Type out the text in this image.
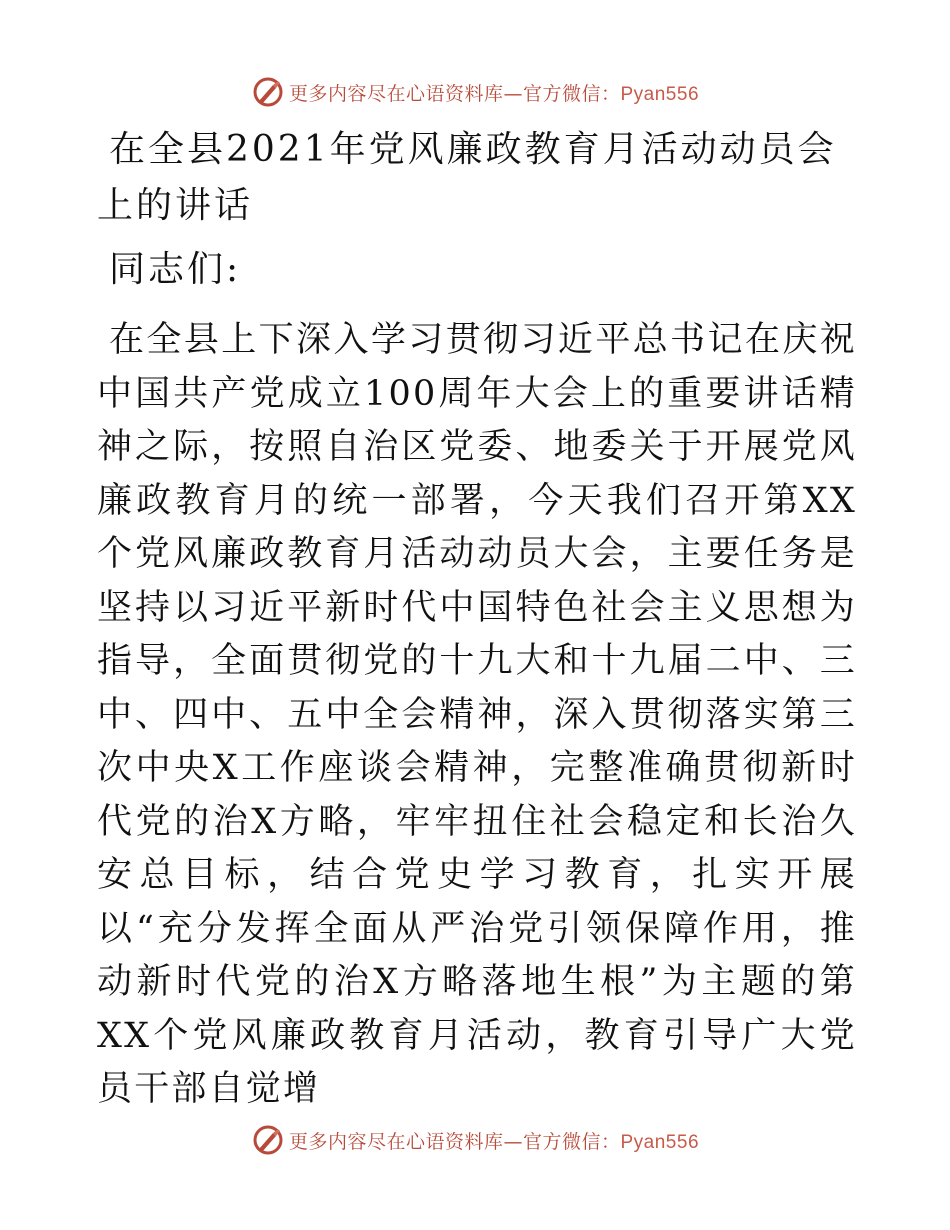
更多内容尽在心语资料库—官方微信：Pyan556
在全县2021年党风廉政教育月活动动员会上的讲话

同志们:

在全县上下深入学习贯彻习近平总书记在庆祝中国共产党成立100周年大会上的重要讲话精神之际，按照自治区党委、地委关于开展党风廉政教育月的统一部署，今天我们召开第XX个党风廉政教育月活动动员大会，主要任务是坚持以习近平新时代中国特色社会主义思想为指导，全面贯彻党的十九大和十九届二中、三中、四中、五中全会精神，深入贯彻落实第三次中央X工作座谈会精神，完整准确贯彻新时代党的治X方略，牢牢扭住社会稳定和长治久安总目标，结合党史学习教育，扎实开展以“充分发挥全面从严治党引领保障作用，推动新时代党的治X方略落地生根”为主题的第XX个党风廉政教育月活动，教育引导广大党员干部自觉增

更多内容尽在心语资料库—官方微信：Pyan556
